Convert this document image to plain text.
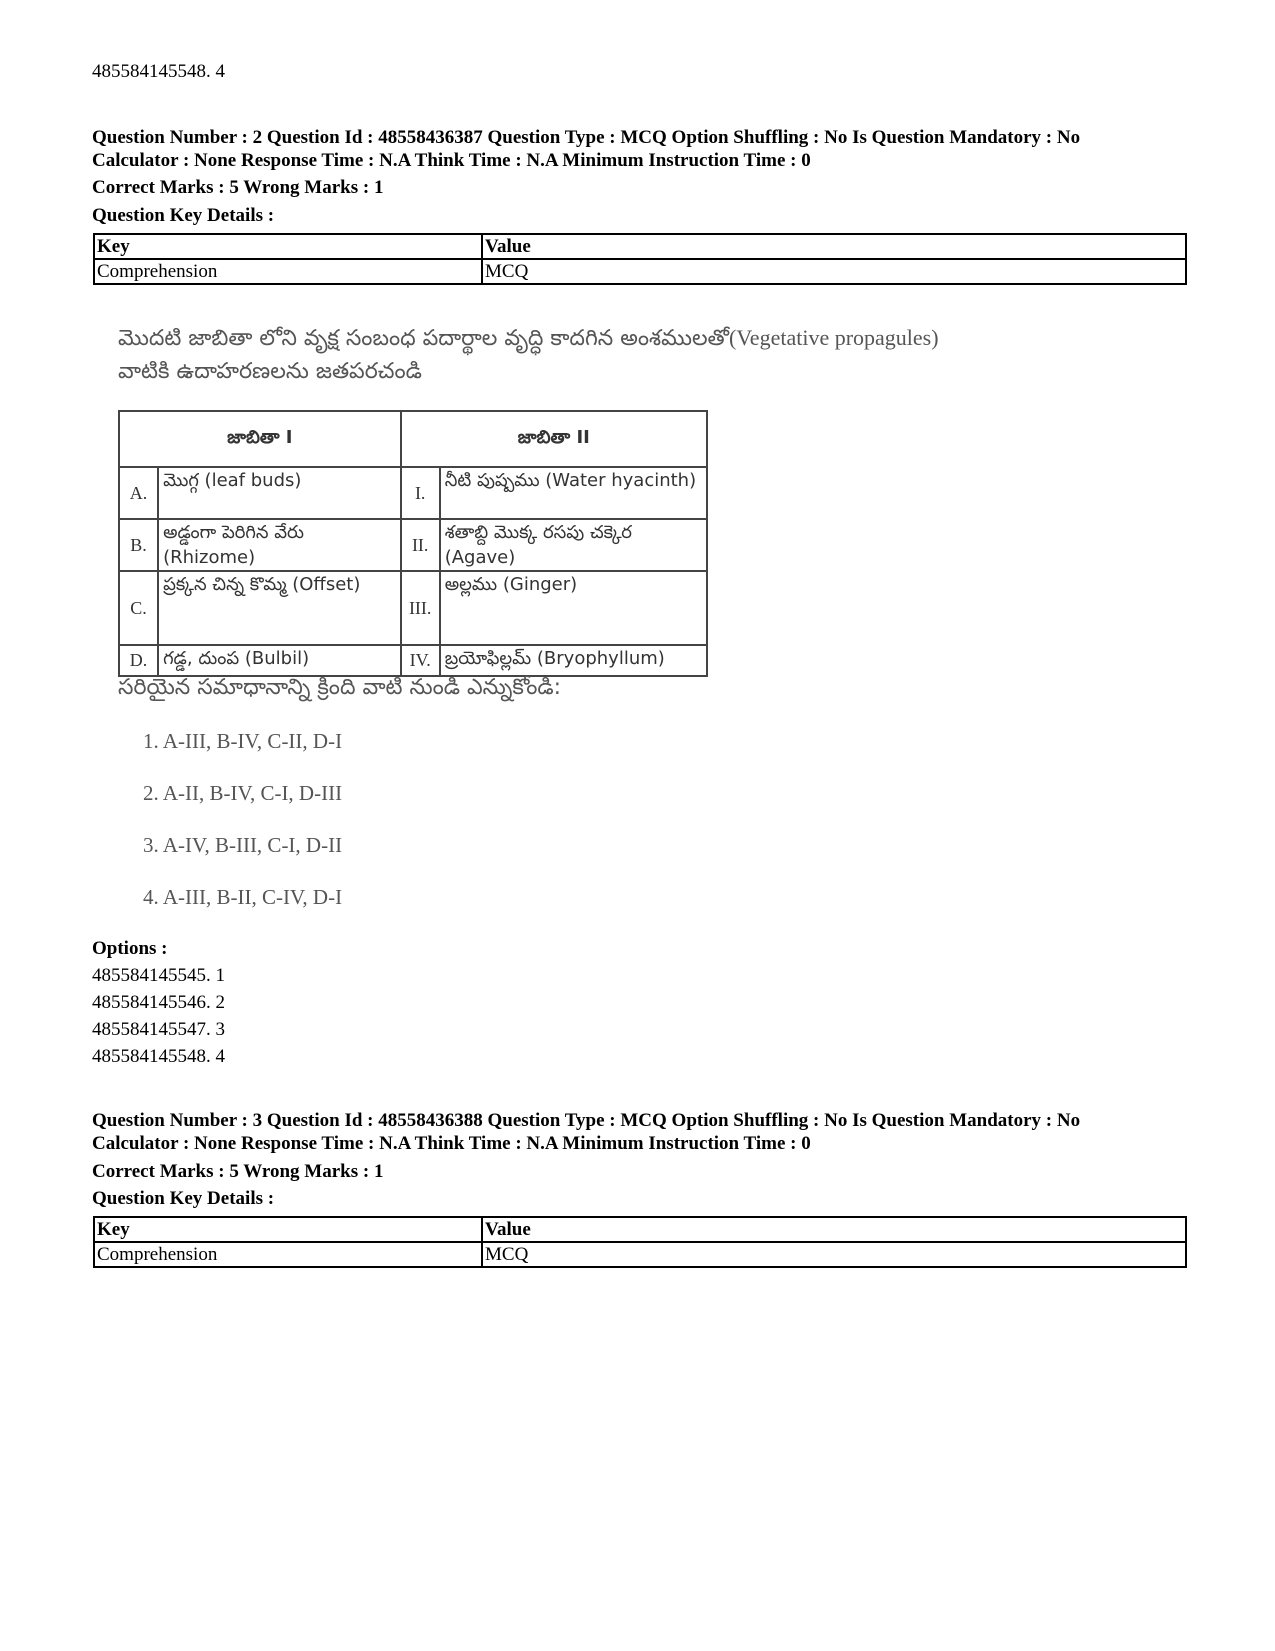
485584145548. 4
Question Number : 2 Question Id : 48558436387 Question Type : MCQ Option Shuffling : No Is Question Mandatory : No
Calculator : None Response Time : N.A Think Time : N.A Minimum Instruction Time : 0
Correct Marks : 5 Wrong Marks : 1
Question Key Details :
Key	Value
Comprehension	MCQ
మొదటి జాబితా లోని వృక్ష సంబంధ పదార్థాల వృద్ధి కాదగిన అంశములతో(Vegetative propagules)
వాటికి ఉదాహరణలను జతపరచండి
జాబితా I		జాబితా II	
A.	మొగ్గ (leaf buds)	I.	నీటి పుష్పము (Water hyacinth)
B.	అడ్డంగా పెరిగిన వేరు (Rhizome)	II.	శతాబ్ది మొక్క రసపు చక్కెర (Agave)
C.	ప్రక్కన చిన్న కొమ్మ (Offset)	III.	అల్లము (Ginger)
D.	గడ్డ, దుంప (Bulbil)	IV.	బ్రయోఫిల్లమ్ (Bryophyllum)
సరియైన సమాధానాన్ని క్రింది వాటి నుండి ఎన్నుకోండి:
1. A-III, B-IV, C-II, D-I
2. A-II, B-IV, C-I, D-III
3. A-IV, B-III, C-I, D-II
4. A-III, B-II, C-IV, D-I
Options :
485584145545. 1
485584145546. 2
485584145547. 3
485584145548. 4
Question Number : 3 Question Id : 48558436388 Question Type : MCQ Option Shuffling : No Is Question Mandatory : No
Calculator : None Response Time : N.A Think Time : N.A Minimum Instruction Time : 0
Correct Marks : 5 Wrong Marks : 1
Question Key Details :
Key	Value
Comprehension	MCQ
